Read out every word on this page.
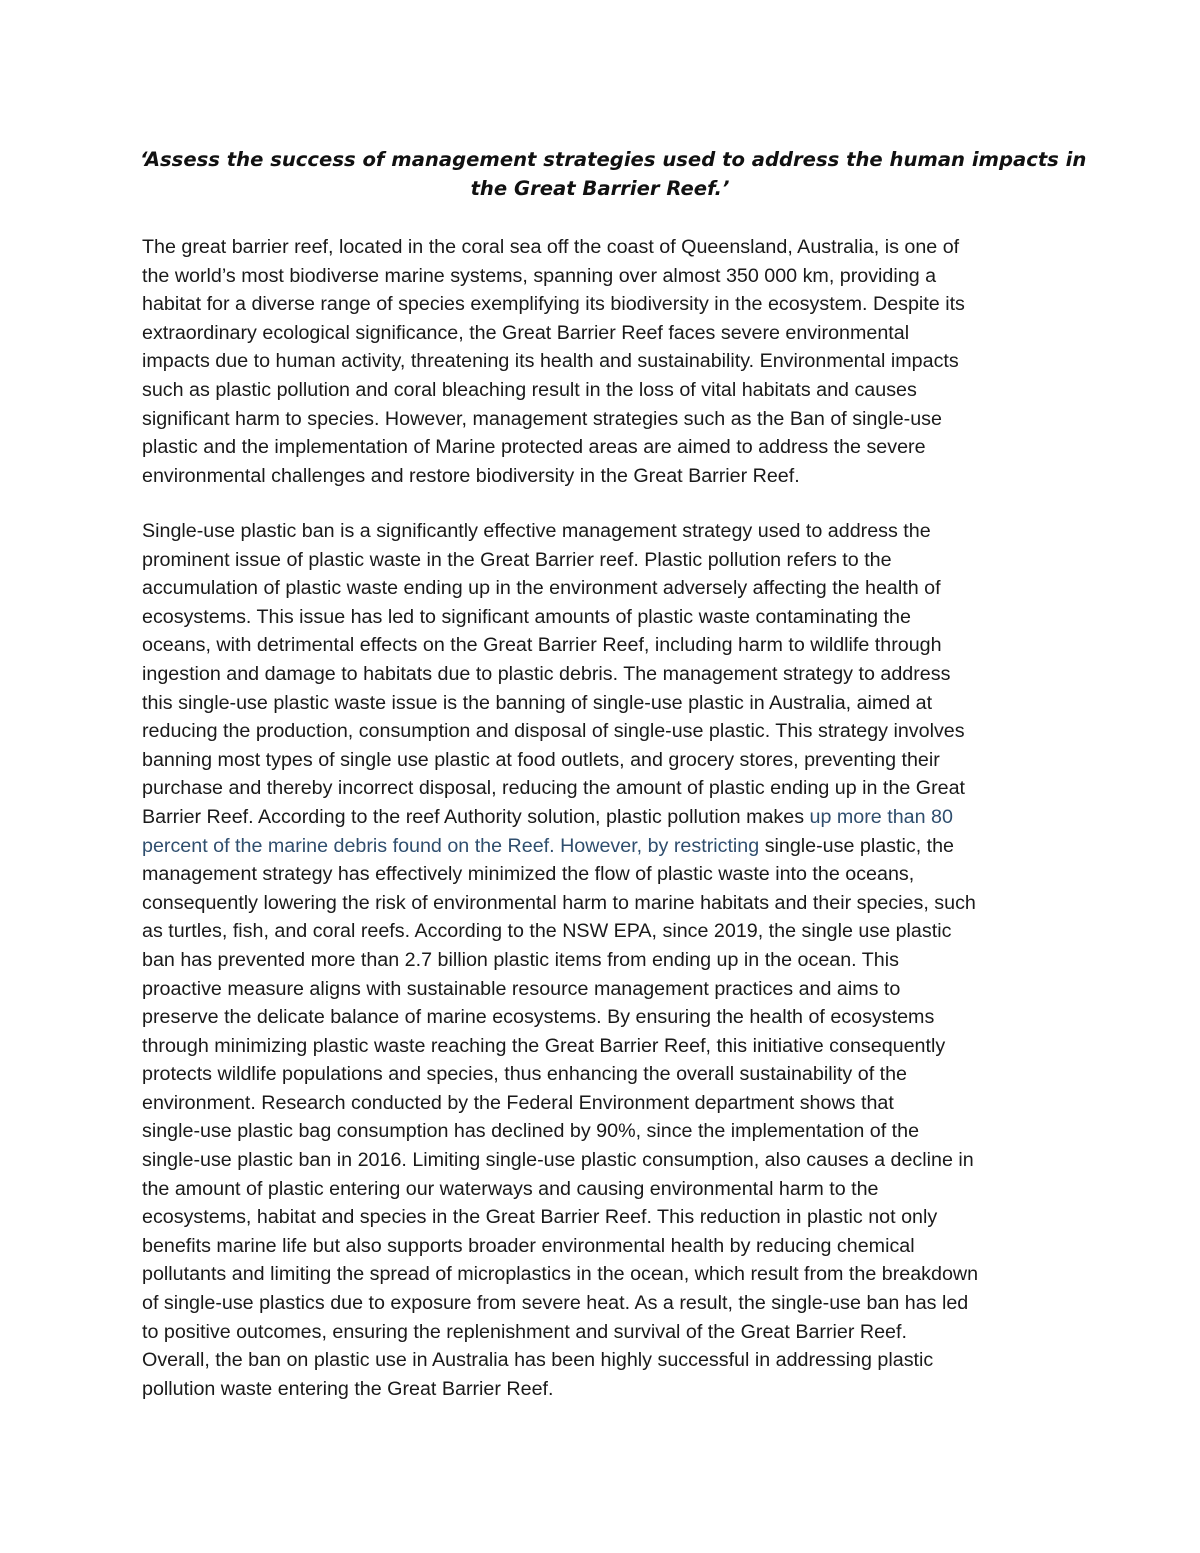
‘Assess the success of management strategies used to address the human impacts in
the Great Barrier Reef.’

The great barrier reef, located in the coral sea off the coast of Queensland, Australia, is one of
the world’s most biodiverse marine systems, spanning over almost 350 000 km, providing a
habitat for a diverse range of species exemplifying its biodiversity in the ecosystem. Despite its
extraordinary ecological significance, the Great Barrier Reef faces severe environmental
impacts due to human activity, threatening its health and sustainability. Environmental impacts
such as plastic pollution and coral bleaching result in the loss of vital habitats and causes
significant harm to species. However, management strategies such as the Ban of single-use
plastic and the implementation of Marine protected areas are aimed to address the severe
environmental challenges and restore biodiversity in the Great Barrier Reef.

Single-use plastic ban is a significantly effective management strategy used to address the
prominent issue of plastic waste in the Great Barrier reef. Plastic pollution refers to the
accumulation of plastic waste ending up in the environment adversely affecting the health of
ecosystems. This issue has led to significant amounts of plastic waste contaminating the
oceans, with detrimental effects on the Great Barrier Reef, including harm to wildlife through
ingestion and damage to habitats due to plastic debris. The management strategy to address
this single-use plastic waste issue is the banning of single-use plastic in Australia, aimed at
reducing the production, consumption and disposal of single-use plastic. This strategy involves
banning most types of single use plastic at food outlets, and grocery stores, preventing their
purchase and thereby incorrect disposal, reducing the amount of plastic ending up in the Great
Barrier Reef. According to the reef Authority solution, plastic pollution makes up more than 80
percent of the marine debris found on the Reef. However, by restricting single-use plastic, the
management strategy has effectively minimized the flow of plastic waste into the oceans,
consequently lowering the risk of environmental harm to marine habitats and their species, such
as turtles, fish, and coral reefs. According to the NSW EPA, since 2019, the single use plastic
ban has prevented more than 2.7 billion plastic items from ending up in the ocean. This
proactive measure aligns with sustainable resource management practices and aims to
preserve the delicate balance of marine ecosystems. By ensuring the health of ecosystems
through minimizing plastic waste reaching the Great Barrier Reef, this initiative consequently
protects wildlife populations and species, thus enhancing the overall sustainability of the
environment. Research conducted by the Federal Environment department shows that
single-use plastic bag consumption has declined by 90%, since the implementation of the
single-use plastic ban in 2016. Limiting single-use plastic consumption, also causes a decline in
the amount of plastic entering our waterways and causing environmental harm to the
ecosystems, habitat and species in the Great Barrier Reef. This reduction in plastic not only
benefits marine life but also supports broader environmental health by reducing chemical
pollutants and limiting the spread of microplastics in the ocean, which result from the breakdown
of single-use plastics due to exposure from severe heat. As a result, the single-use ban has led
to positive outcomes, ensuring the replenishment and survival of the Great Barrier Reef.
Overall, the ban on plastic use in Australia has been highly successful in addressing plastic
pollution waste entering the Great Barrier Reef.
